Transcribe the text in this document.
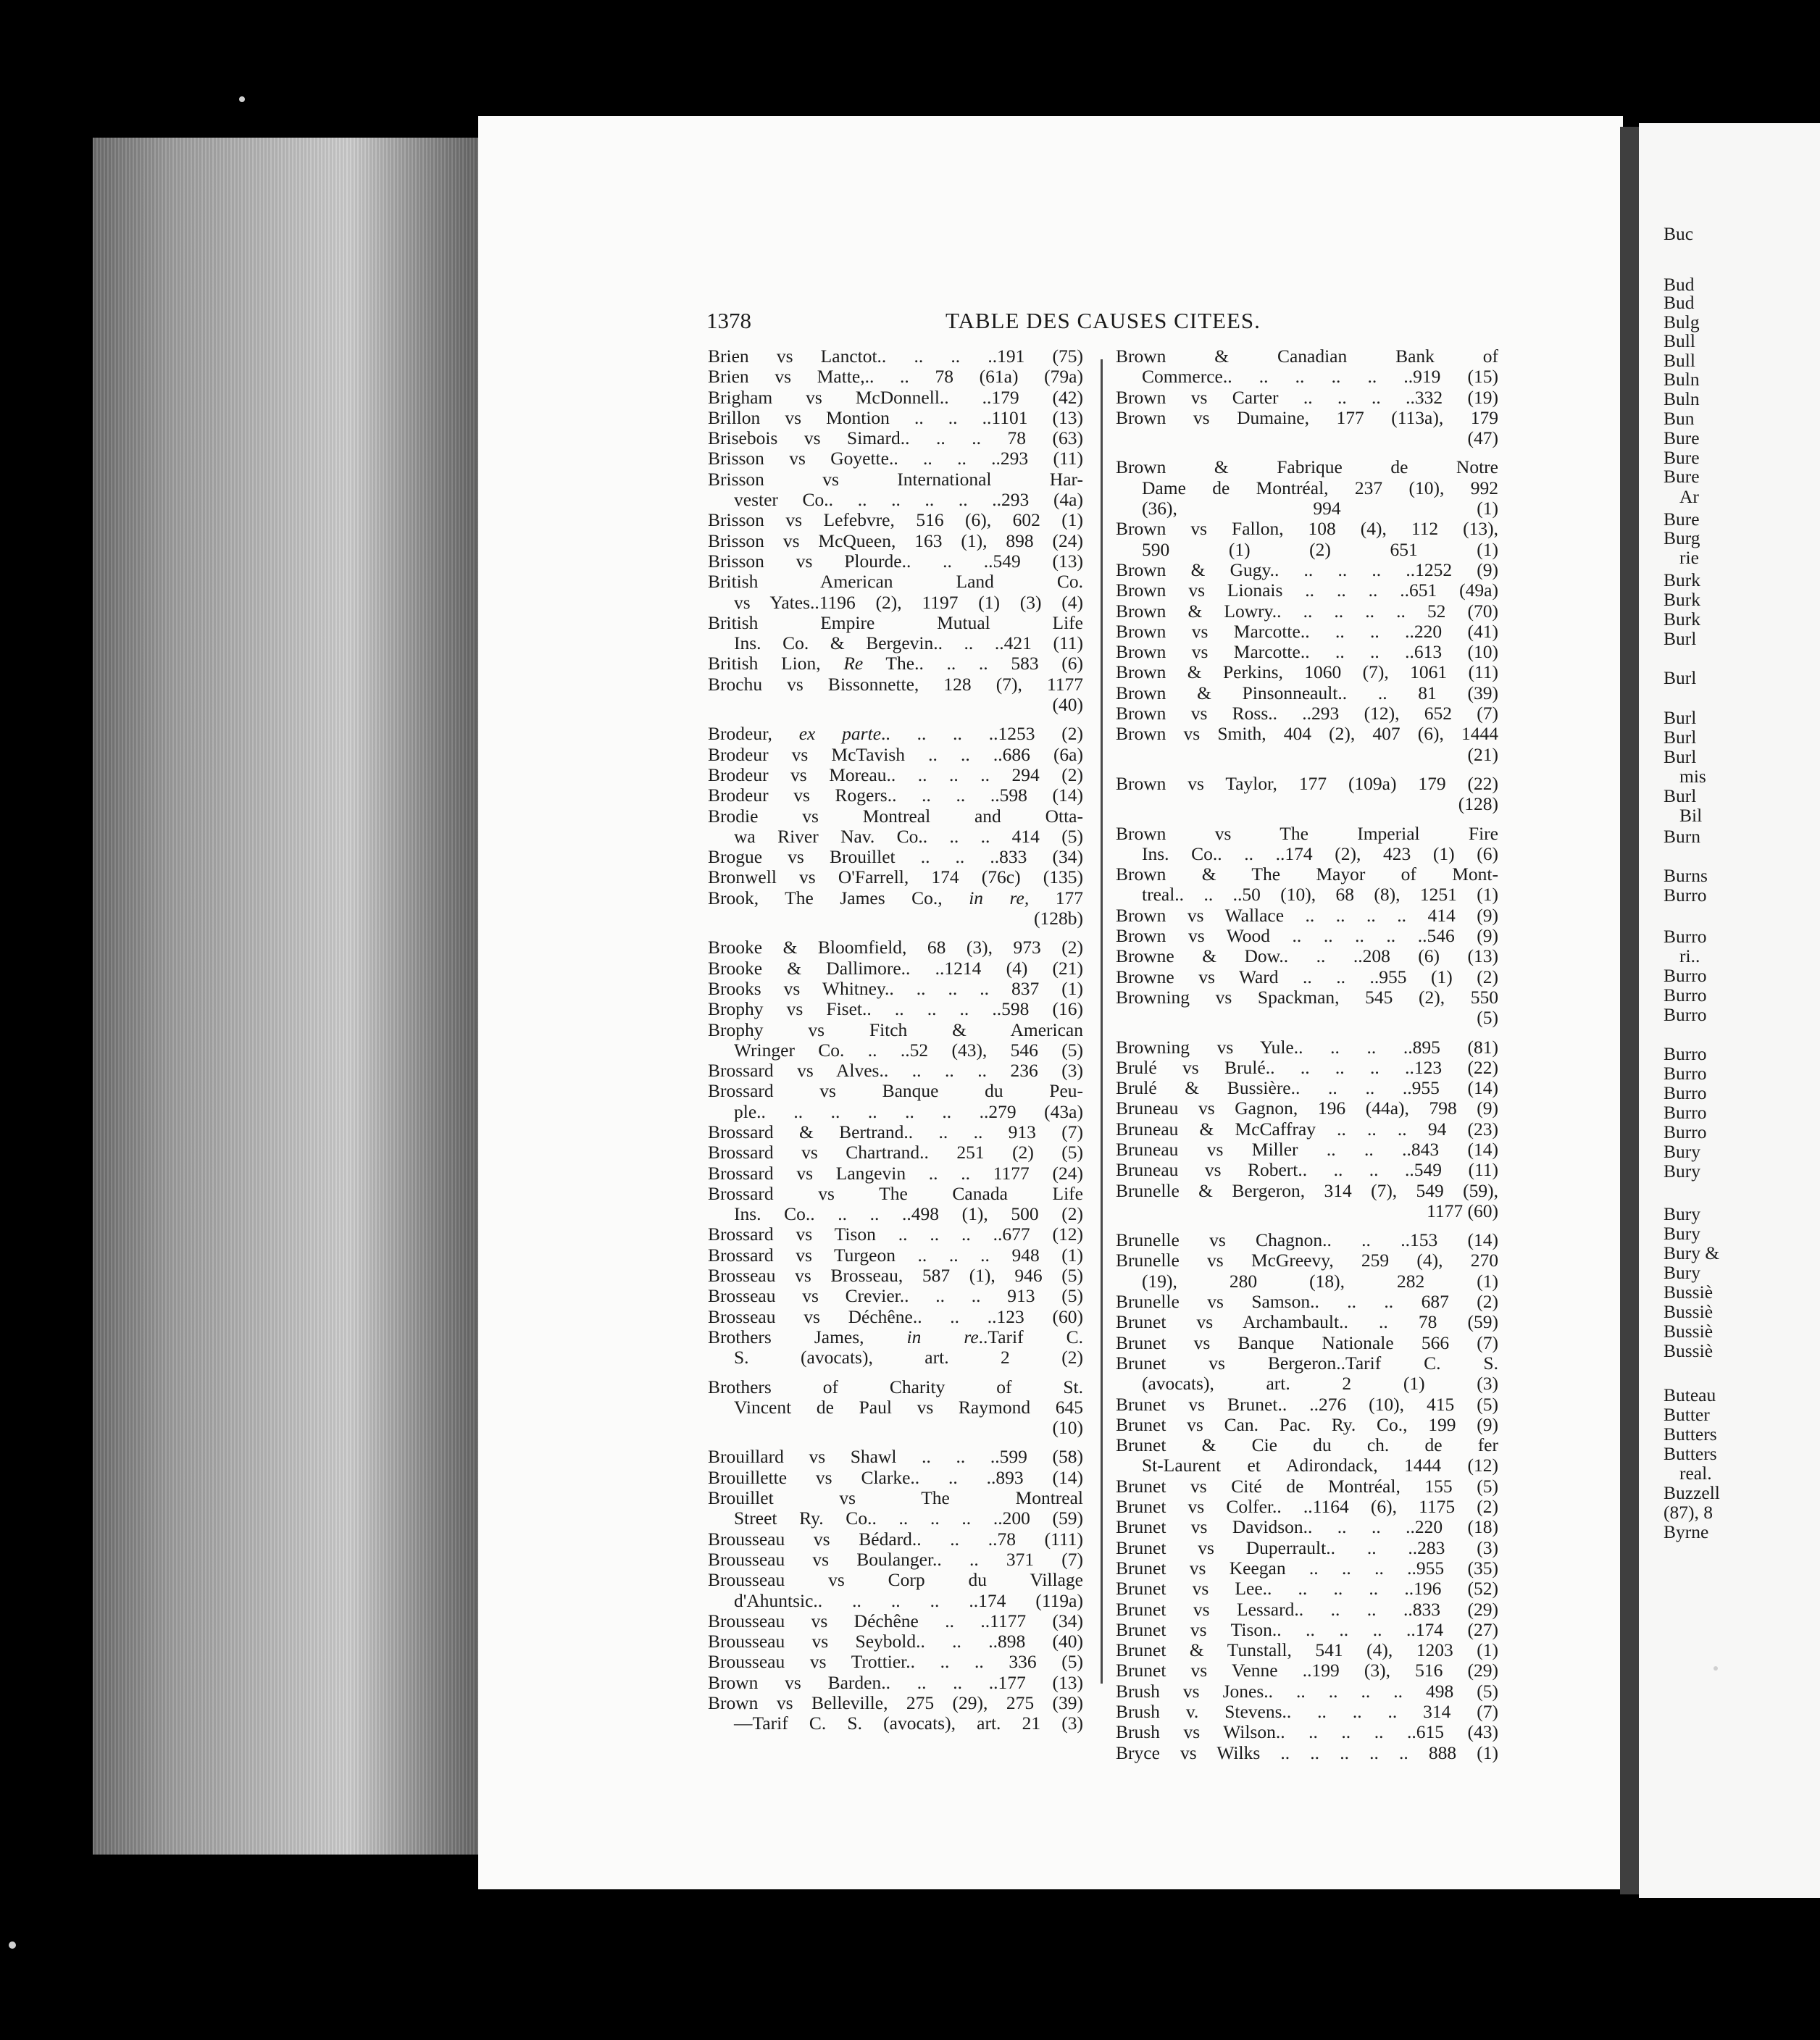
Buc
Bud
Bud
Bulg
Bull
Bull
Buln
Buln
Bun
Bure
Bure
Bure
Ar
Bure
Burg
rie
Burk
Burk
Burk
Burl
Burl
Burl
Burl
Burl
mis
Burl
Bil
Burn
Burns
Burro
Burro
ri..
Burro
Burro
Burro
Burro
Burro
Burro
Burro
Burro
Bury
Bury
Bury
Bury
Bury &
Bury
Bussiè
Bussiè
Bussiè
Bussiè
Buteau
Butter
Butters
Butters
real.
Buzzell
(87), 8
Byrne
1378	TABLE DES CAUSES CITEES.
Brien vs Lanctot.. .. .. ..191 (75)
Brien vs Matte,.. .. 78 (61a) (79a)
Brigham vs McDonnell.. ..179 (42)
Brillon vs Montion .. .. ..1101 (13)
Brisebois vs Simard.. .. .. 78 (63)
Brisson vs Goyette.. .. .. ..293 (11)
Brisson vs International Har-
vester Co.. .. .. .. .. ..293 (4a)
Brisson vs Lefebvre, 516 (6), 602 (1)
Brisson vs McQueen, 163 (1), 898 (24)
Brisson vs Plourde.. .. ..549 (13)
British American Land Co.
vs Yates..1196 (2), 1197 (1) (3) (4)
British Empire Mutual Life
Ins. Co. & Bergevin.. .. ..421 (11)
British Lion, Re The.. .. .. 583 (6)
Brochu vs Bissonnette, 128 (7), 1177
(40)
Brodeur, ex parte.. .. .. ..1253 (2)
Brodeur vs McTavish .. .. ..686 (6a)
Brodeur vs Moreau.. .. .. .. 294 (2)
Brodeur vs Rogers.. .. .. ..598 (14)
Brodie vs Montreal and Otta-
wa River Nav. Co.. .. .. 414 (5)
Brogue vs Brouillet .. .. ..833 (34)
Bronwell vs O'Farrell, 174 (76c) (135)
Brook, The James Co., in re, 177
(128b)
Brooke & Bloomfield, 68 (3), 973 (2)
Brooke & Dallimore.. ..1214 (4) (21)
Brooks vs Whitney.. .. .. .. 837 (1)
Brophy vs Fiset.. .. .. .. ..598 (16)
Brophy vs Fitch & American
Wringer Co. .. ..52 (43), 546 (5)
Brossard vs Alves.. .. .. .. 236 (3)
Brossard vs Banque du Peu-
ple.. .. .. .. .. .. ..279 (43a)
Brossard & Bertrand.. .. .. 913 (7)
Brossard vs Chartrand.. 251 (2) (5)
Brossard vs Langevin .. .. 1177 (24)
Brossard vs The Canada Life
Ins. Co.. .. .. ..498 (1), 500 (2)
Brossard vs Tison .. .. .. ..677 (12)
Brossard vs Turgeon .. .. .. 948 (1)
Brosseau vs Brosseau, 587 (1), 946 (5)
Brosseau vs Crevier.. .. .. 913 (5)
Brosseau vs Déchêne.. .. ..123 (60)
Brothers James, in re..Tarif C.
S. (avocats), art. 2 (2)
Brothers of Charity of St.
Vincent de Paul vs Raymond 645
(10)
Brouillard vs Shawl .. .. ..599 (58)
Brouillette vs Clarke.. .. ..893 (14)
Brouillet vs The Montreal
Street Ry. Co.. .. .. .. ..200 (59)
Brousseau vs Bédard.. .. ..78 (111)
Brousseau vs Boulanger.. .. 371 (7)
Brousseau vs Corp du Village
d'Ahuntsic.. .. .. .. ..174 (119a)
Brousseau vs Déchêne .. ..1177 (34)
Brousseau vs Seybold.. .. ..898 (40)
Brousseau vs Trottier.. .. .. 336 (5)
Brown vs Barden.. .. .. ..177 (13)
Brown vs Belleville, 275 (29), 275 (39)
—Tarif C. S. (avocats), art. 21 (3)
Brown & Canadian Bank of
Commerce.. .. .. .. .. ..919 (15)
Brown vs Carter .. .. .. ..332 (19)
Brown vs Dumaine, 177 (113a), 179
(47)
Brown & Fabrique de Notre
Dame de Montréal, 237 (10), 992
(36), 994 (1)
Brown vs Fallon, 108 (4), 112 (13),
590 (1) (2) 651 (1)
Brown & Gugy.. .. .. .. ..1252 (9)
Brown vs Lionais .. .. .. ..651 (49a)
Brown & Lowry.. .. .. .. .. 52 (70)
Brown vs Marcotte.. .. .. ..220 (41)
Brown vs Marcotte.. .. .. ..613 (10)
Brown & Perkins, 1060 (7), 1061 (11)
Brown & Pinsonneault.. .. 81 (39)
Brown vs Ross.. ..293 (12), 652 (7)
Brown vs Smith, 404 (2), 407 (6), 1444
(21)
Brown vs Taylor, 177 (109a) 179 (22)
(128)
Brown vs The Imperial Fire
Ins. Co.. .. ..174 (2), 423 (1) (6)
Brown & The Mayor of Mont-
treal.. .. ..50 (10), 68 (8), 1251 (1)
Brown vs Wallace .. .. .. .. 414 (9)
Brown vs Wood .. .. .. .. ..546 (9)
Browne & Dow.. .. ..208 (6) (13)
Browne vs Ward .. .. ..955 (1) (2)
Browning vs Spackman, 545 (2), 550
(5)
Browning vs Yule.. .. .. ..895 (81)
Brulé vs Brulé.. .. .. .. ..123 (22)
Brulé & Bussière.. .. .. ..955 (14)
Bruneau vs Gagnon, 196 (44a), 798 (9)
Bruneau & McCaffray .. .. .. 94 (23)
Bruneau vs Miller .. .. ..843 (14)
Bruneau vs Robert.. .. .. ..549 (11)
Brunelle & Bergeron, 314 (7), 549 (59),
1177 (60)
Brunelle vs Chagnon.. .. ..153 (14)
Brunelle vs McGreevy, 259 (4), 270
(19), 280 (18), 282 (1)
Brunelle vs Samson.. .. .. 687 (2)
Brunet vs Archambault.. .. 78 (59)
Brunet vs Banque Nationale 566 (7)
Brunet vs Bergeron..Tarif C. S.
(avocats), art. 2 (1) (3)
Brunet vs Brunet.. ..276 (10), 415 (5)
Brunet vs Can. Pac. Ry. Co., 199 (9)
Brunet & Cie du ch. de fer
St-Laurent et Adirondack, 1444 (12)
Brunet vs Cité de Montréal, 155 (5)
Brunet vs Colfer.. ..1164 (6), 1175 (2)
Brunet vs Davidson.. .. .. ..220 (18)
Brunet vs Duperrault.. .. ..283 (3)
Brunet vs Keegan .. .. .. ..955 (35)
Brunet vs Lee.. .. .. .. ..196 (52)
Brunet vs Lessard.. .. .. ..833 (29)
Brunet vs Tison.. .. .. .. ..174 (27)
Brunet & Tunstall, 541 (4), 1203 (1)
Brunet vs Venne ..199 (3), 516 (29)
Brush vs Jones.. .. .. .. .. 498 (5)
Brush v. Stevens.. .. .. .. 314 (7)
Brush vs Wilson.. .. .. .. ..615 (43)
Bryce vs Wilks .. .. .. .. .. 888 (1)
